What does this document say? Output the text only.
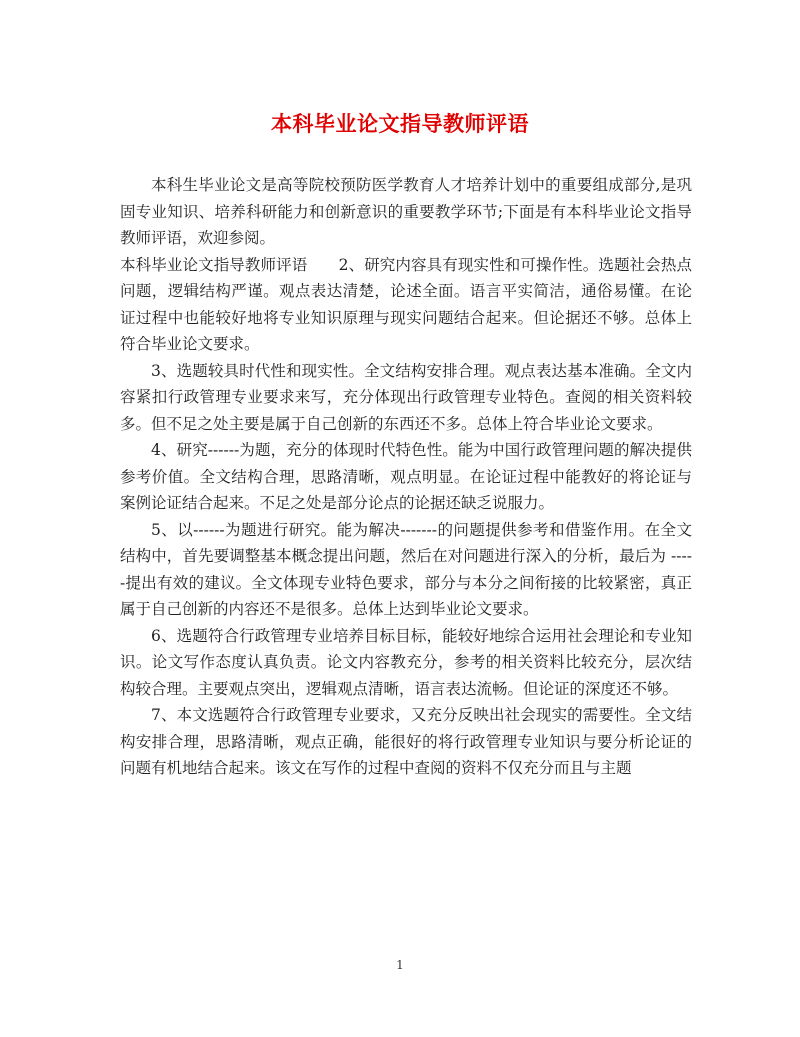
本科毕业论文指导教师评语

本科生毕业论文是高等院校预防医学教育人才培养计划中的重要组成部分,是巩固专业知识、培养科研能力和创新意识的重要教学环节;下面是有本科毕业论文指导教师评语，欢迎参阅。

本科毕业论文指导教师评语　　2、研究内容具有现实性和可操作性。选题社会热点问题，逻辑结构严谨。观点表达清楚，论述全面。语言平实简洁，通俗易懂。在论证过程中也能较好地将专业知识原理与现实问题结合起来。但论据还不够。总体上符合毕业论文要求。

3、选题较具时代性和现实性。全文结构安排合理。观点表达基本准确。全文内容紧扣行政管理专业要求来写，充分体现出行政管理专业特色。查阅的相关资料较多。但不足之处主要是属于自己创新的东西还不多。总体上符合毕业论文要求。

4、研究------为题，充分的体现时代特色性。能为中国行政管理问题的解决提供参考价值。全文结构合理，思路清晰，观点明显。在论证过程中能教好的将论证与案例论证结合起来。不足之处是部分论点的论据还缺乏说服力。

5、以------为题进行研究。能为解决-------的问题提供参考和借鉴作用。在全文结构中，首先要调整基本概念提出问题，然后在对问题进行深入的分析，最后为 -----提出有效的建议。全文体现专业特色要求，部分与本分之间衔接的比较紧密，真正属于自己创新的内容还不是很多。总体上达到毕业论文要求。

6、选题符合行政管理专业培养目标目标，能较好地综合运用社会理论和专业知识。论文写作态度认真负责。论文内容教充分，参考的相关资料比较充分，层次结构较合理。主要观点突出，逻辑观点清晰，语言表达流畅。但论证的深度还不够。

7、本文选题符合行政管理专业要求，又充分反映出社会现实的需要性。全文结构安排合理，思路清晰，观点正确，能很好的将行政管理专业知识与要分析论证的问题有机地结合起来。该文在写作的过程中查阅的资料不仅充分而且与主题

1
